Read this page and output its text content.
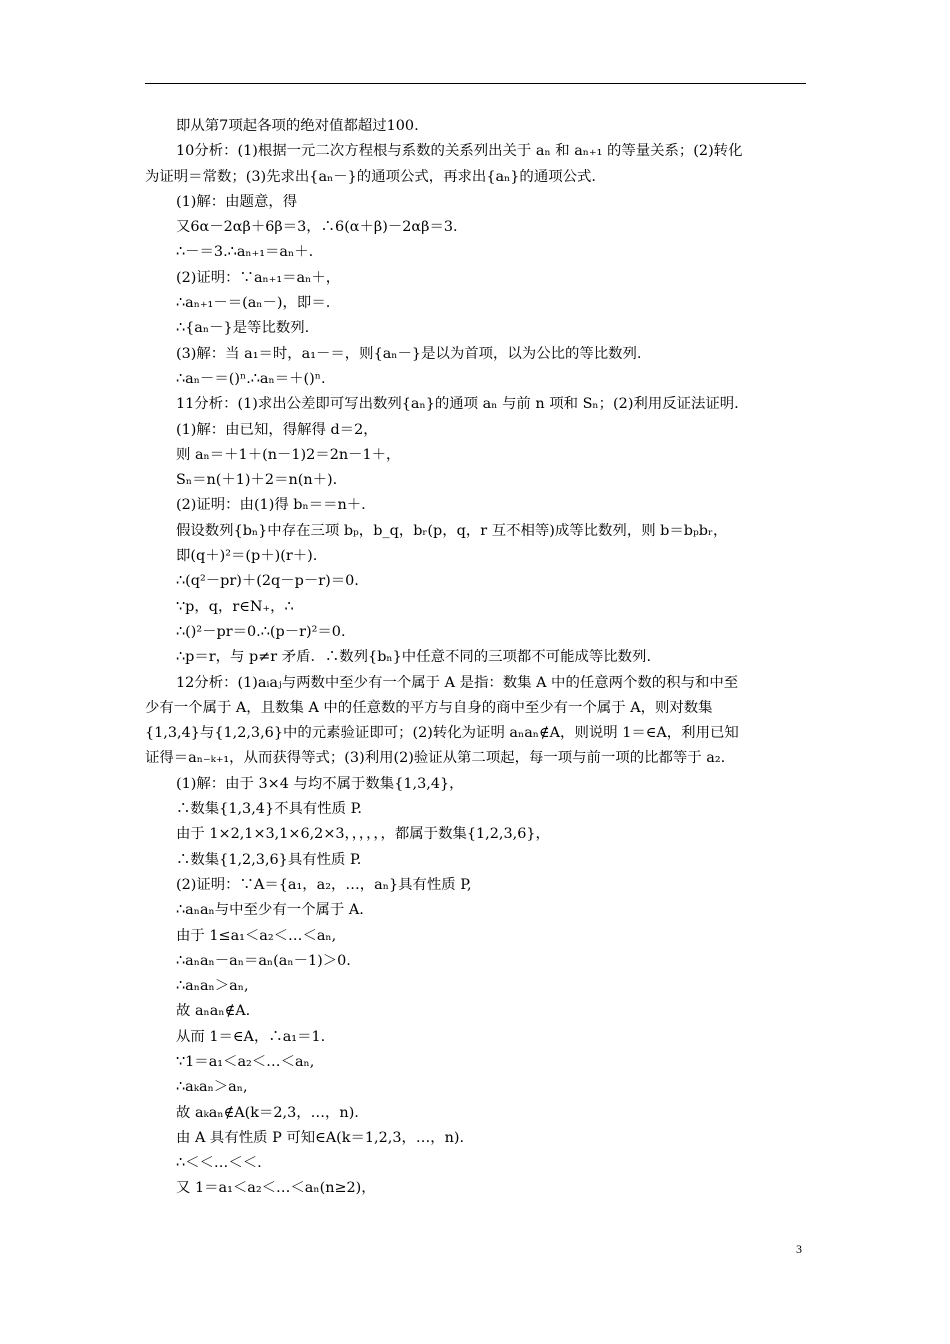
即从第7项起各项的绝对值都超过100.
10分析：(1)根据一元二次方程根与系数的关系列出关于 aₙ 和 aₙ₊₁ 的等量关系；(2)转化
为证明＝常数；(3)先求出{aₙ－}的通项公式，再求出{aₙ}的通项公式.
(1)解：由题意，得
又6α－2αβ＋6β＝3，∴6(α＋β)－2αβ＝3.
∴－＝3.∴aₙ₊₁＝aₙ＋.
(2)证明：∵aₙ₊₁＝aₙ＋，
∴aₙ₊₁－＝(aₙ－)，即＝.
∴{aₙ－}是等比数列.
(3)解：当 a₁＝时，a₁－＝，则{aₙ－}是以为首项，以为公比的等比数列.
∴aₙ－＝()ⁿ.∴aₙ＝＋()ⁿ.
11分析：(1)求出公差即可写出数列{aₙ}的通项 aₙ 与前 n 项和 Sₙ；(2)利用反证法证明.
(1)解：由已知，得解得 d＝2，
则 aₙ＝＋1＋(n－1)2＝2n－1＋，
Sₙ＝n(＋1)＋2＝n(n＋).
(2)证明：由(1)得 bₙ＝＝n＋.
假设数列{bₙ}中存在三项 bₚ，b_q，bᵣ(p，q，r 互不相等)成等比数列，则 b＝bₚbᵣ，
即(q＋)²＝(p＋)(r＋).
∴(q²－pr)＋(2q－p－r)＝0.
∵p，q，r∈N₊，∴
∴()²－pr＝0.∴(p－r)²＝0.
∴p＝r，与 p≠r 矛盾．∴数列{bₙ}中任意不同的三项都不可能成等比数列.
12分析：(1)aᵢaⱼ与两数中至少有一个属于 A 是指：数集 A 中的任意两个数的积与和中至
少有一个属于 A，且数集 A 中的任意数的平方与自身的商中至少有一个属于 A，则对数集
{1,3,4}与{1,2,3,6}中的元素验证即可；(2)转化为证明 aₙaₙ∉A，则说明 1＝∈A，利用已知
证得＝aₙ₋ₖ₊₁，从而获得等式；(3)利用(2)验证从第二项起，每一项与前一项的比都等于 a₂.
(1)解：由于 3×4 与均不属于数集{1,3,4}，
∴数集{1,3,4}不具有性质 P.
由于 1×2,1×3,1×6,2×3，，，，，，都属于数集{1,2,3,6}，
∴数集{1,2,3,6}具有性质 P.
(2)证明：∵A＝{a₁，a₂，…，aₙ}具有性质 P,
∴aₙaₙ与中至少有一个属于 A.
由于 1≤a₁＜a₂＜…＜aₙ,
∴aₙaₙ－aₙ＝aₙ(aₙ－1)＞0.
∴aₙaₙ＞aₙ,
故 aₙaₙ∉A.
从而 1＝∈A，∴a₁＝1.
∵1＝a₁＜a₂＜…＜aₙ,
∴aₖaₙ＞aₙ,
故 aₖaₙ∉A(k＝2,3，…，n).
由 A 具有性质 P 可知∈A(k＝1,2,3，…，n).
∴＜＜…＜＜.
又 1＝a₁＜a₂＜…＜aₙ(n≥2)，
3
